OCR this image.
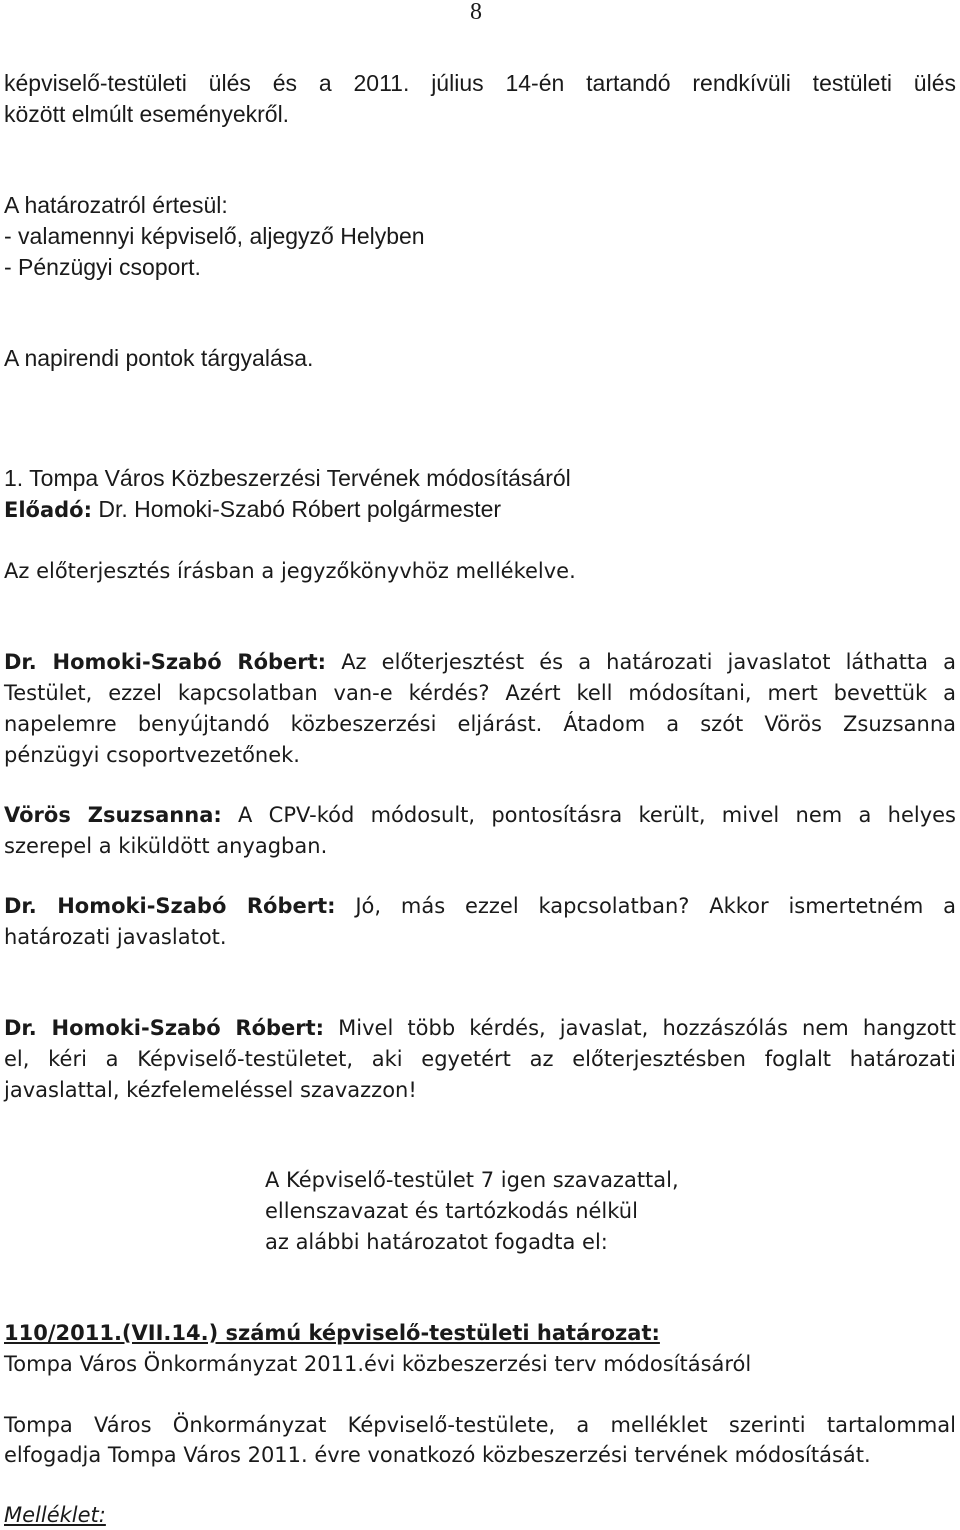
8
képviselő-testületi ülés és a 2011. július 14-én tartandó rendkívüli testületi ülés
között elmúlt eseményekről.
A határozatról értesül:
- valamennyi képviselő, aljegyző Helyben
- Pénzügyi csoport.
A napirendi pontok tárgyalása.
1. Tompa Város Közbeszerzési Tervének módosításáról
Előadó: Dr. Homoki-Szabó Róbert polgármester
Az előterjesztés írásban a jegyzőkönyvhöz mellékelve.
Dr. Homoki-Szabó Róbert: Az előterjesztést és a határozati javaslatot láthatta a
Testület, ezzel kapcsolatban van-e kérdés? Azért kell módosítani, mert bevettük a
napelemre benyújtandó közbeszerzési eljárást. Átadom a szót Vörös Zsuzsanna
pénzügyi csoportvezetőnek.
Vörös Zsuzsanna: A CPV-kód módosult, pontosításra került, mivel nem a helyes
szerepel a kiküldött anyagban.
Dr. Homoki-Szabó Róbert: Jó, más ezzel kapcsolatban? Akkor ismertetném a
határozati javaslatot.
Dr. Homoki-Szabó Róbert: Mivel több kérdés, javaslat, hozzászólás nem hangzott
el, kéri a Képviselő-testületet, aki egyetért az előterjesztésben foglalt határozati
javaslattal, kézfelemeléssel szavazzon!
A Képviselő-testület 7 igen szavazattal,
ellenszavazat és tartózkodás nélkül
az alábbi határozatot fogadta el:
110/2011.(VII.14.) számú képviselő-testületi határozat:
Tompa Város Önkormányzat 2011.évi közbeszerzési terv módosításáról
Tompa Város Önkormányzat Képviselő-testülete, a melléklet szerinti tartalommal
elfogadja Tompa Város 2011. évre vonatkozó közbeszerzési tervének módosítását.
Melléklet:
